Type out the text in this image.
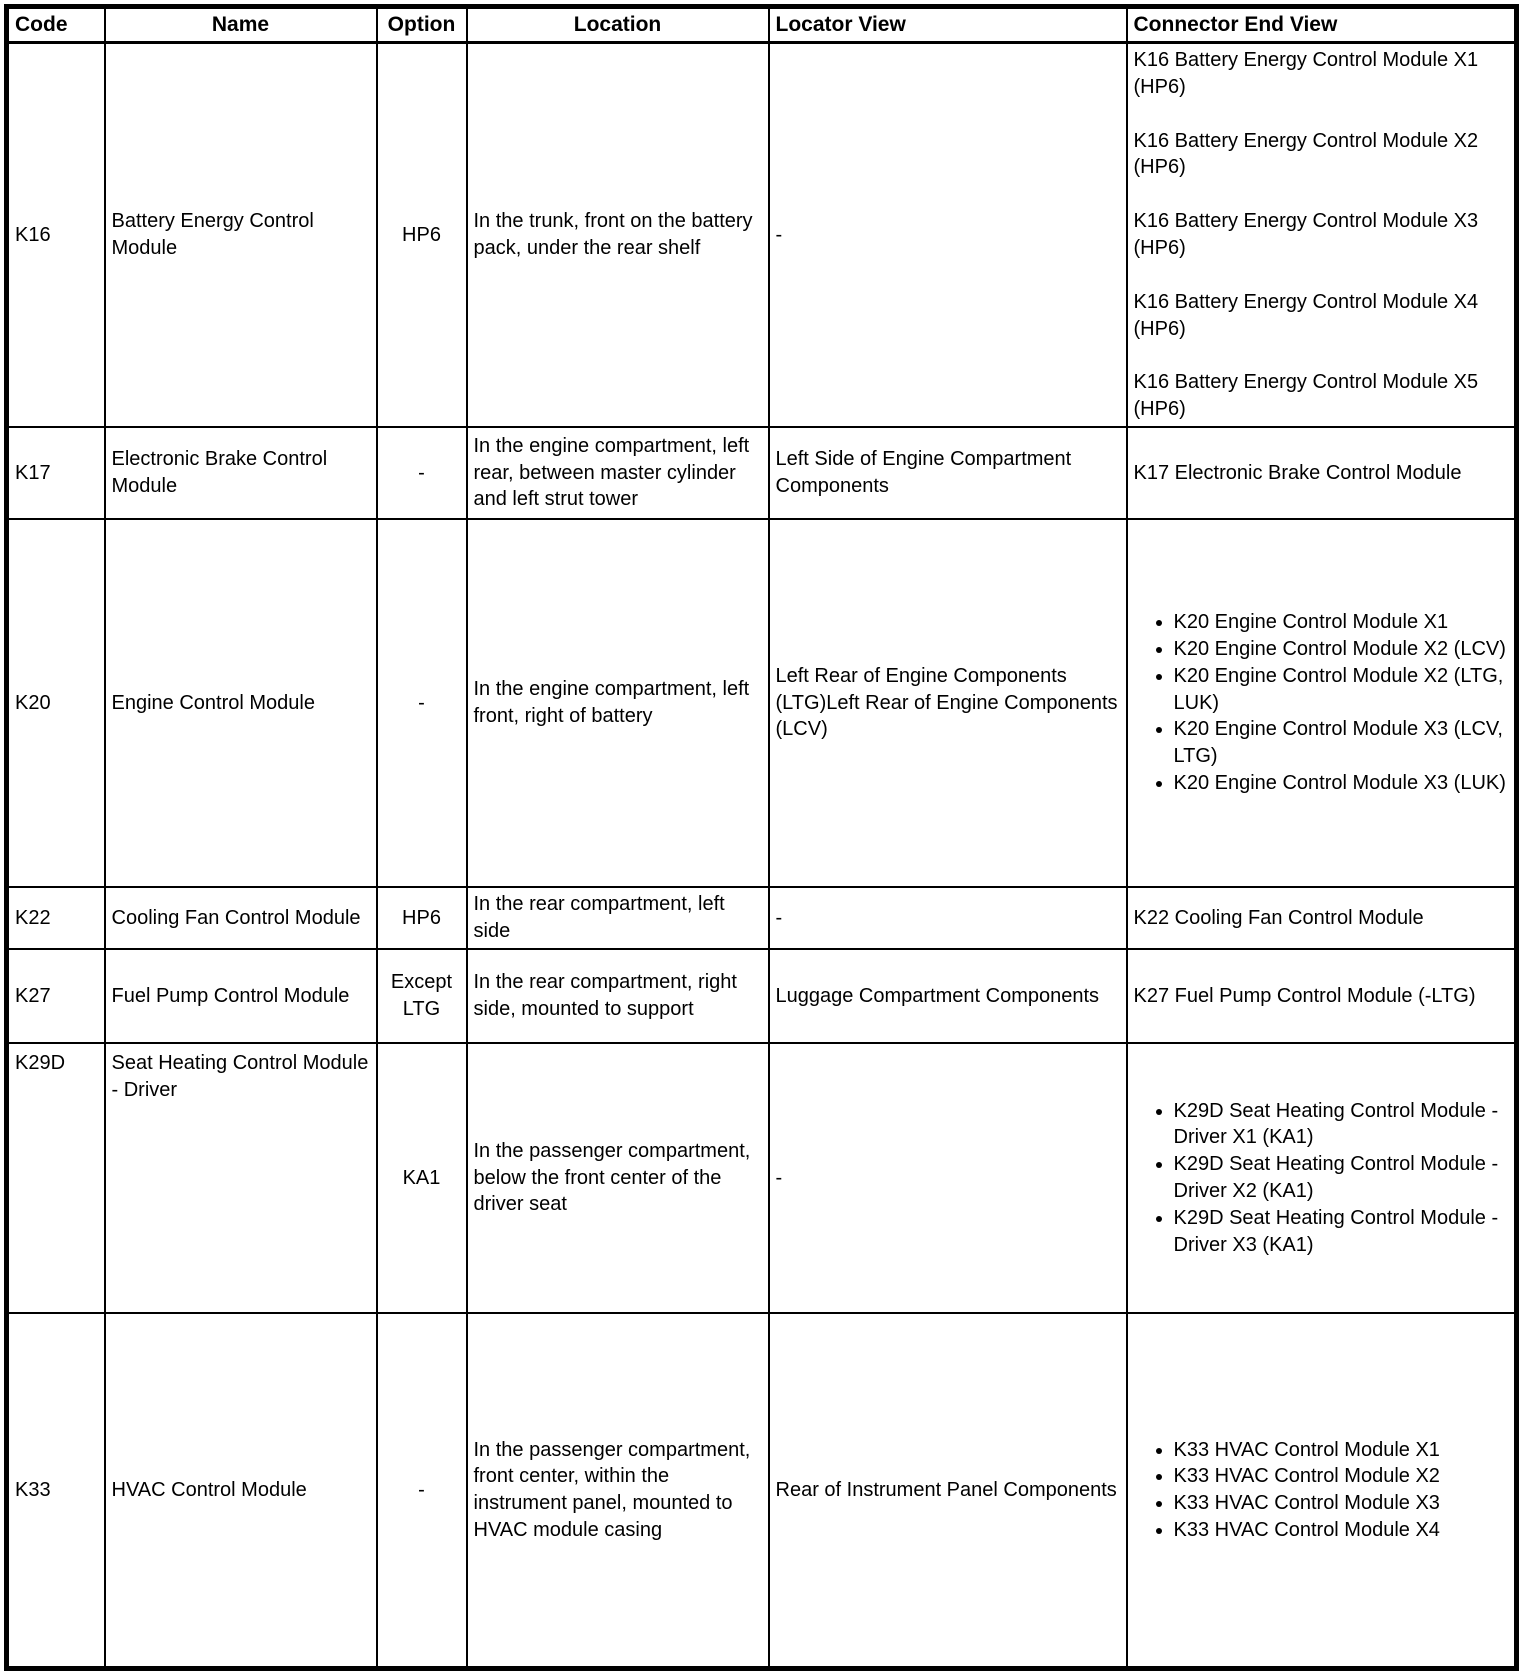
Code	Name	Option	Location	Locator View	Connector End View
K16	Battery Energy Control Module	HP6	In the trunk, front on the battery pack, under the rear shelf	-	K16 Battery Energy Control Module X1 (HP6)

K16 Battery Energy Control Module X2 (HP6)

K16 Battery Energy Control Module X3 (HP6)

K16 Battery Energy Control Module X4 (HP6)

K16 Battery Energy Control Module X5 (HP6)

K17	Electronic Brake Control Module	-	In the engine compartment, left rear, between master cylinder and left strut tower	Left Side of Engine Compartment Components	K17 Electronic Brake Control Module
K20	Engine Control Module	-	In the engine compartment, left front, right of battery	Left Rear of Engine Components (LTG)Left Rear of Engine Components (LCV)	
• K20 Engine Control Module X1
• K20 Engine Control Module X2 (LCV)
• K20 Engine Control Module X2 (LTG, LUK)
• K20 Engine Control Module X3 (LCV, LTG)
• K20 Engine Control Module X3 (LUK)

K22	Cooling Fan Control Module	HP6	In the rear compartment, left side	-	K22 Cooling Fan Control Module
K27	Fuel Pump Control Module	Except LTG	In the rear compartment, right side, mounted to support	Luggage Compartment Components	K27 Fuel Pump Control Module (-LTG)
K29D	Seat Heating Control Module - Driver	KA1	In the passenger compartment, below the front center of the driver seat	-	
• K29D Seat Heating Control Module - Driver X1 (KA1)
• K29D Seat Heating Control Module - Driver X2 (KA1)
• K29D Seat Heating Control Module - Driver X3 (KA1)

K33	HVAC Control Module	-	In the passenger compartment, front center, within the instrument panel, mounted to HVAC module casing	Rear of Instrument Panel Components	
• K33 HVAC Control Module X1
• K33 HVAC Control Module X2
• K33 HVAC Control Module X3
• K33 HVAC Control Module X4
